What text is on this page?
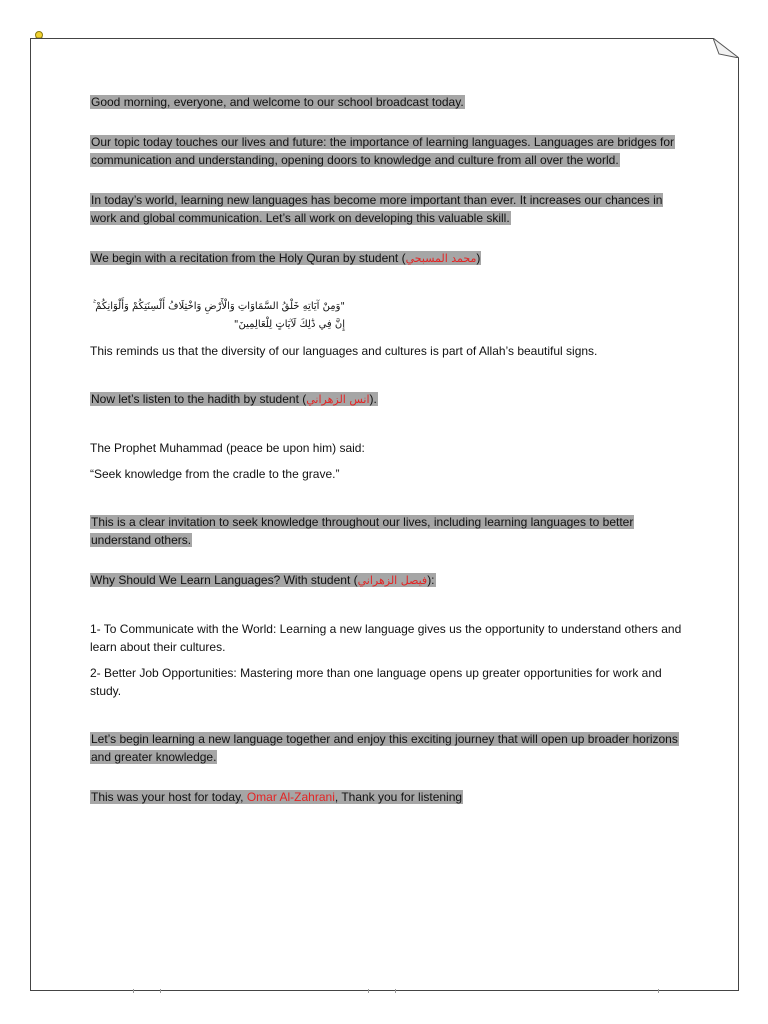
Good morning, everyone, and welcome to our school broadcast today.

Our topic today touches our lives and future: the importance of learning languages. Languages are bridges for communication and understanding, opening doors to knowledge and culture from all over the world.

In today’s world, learning new languages has become more important than ever. It increases our chances in work and global communication. Let’s all work on developing this valuable skill.

We begin with a recitation from the Holy Quran by student (محمد المسبحي)

"وَمِنْ آيَاتِهِ خَلْقُ السَّمَاوَاتِ وَالْأَرْضِ وَاخْتِلَافُ أَلْسِنَتِكُمْ وَأَلْوَانِكُمْ ۚ إِنَّ فِي ذَٰلِكَ لَآيَاتٍ لِلْعَالِمِينَ"

This reminds us that the diversity of our languages and cultures is part of Allah’s beautiful signs.

Now let’s listen to the hadith by student (انس الزهراني).

The Prophet Muhammad (peace be upon him) said:

“Seek knowledge from the cradle to the grave.”

This is a clear invitation to seek knowledge throughout our lives, including learning languages to better understand others.

Why Should We Learn Languages? With student (فيصل الزهراني):

1- To Communicate with the World: Learning a new language gives us the opportunity to understand others and learn about their cultures.

2- Better Job Opportunities: Mastering more than one language opens up greater opportunities for work and study.

Let’s begin learning a new language together and enjoy this exciting journey that will open up broader horizons and greater knowledge.

This was your host for today, Omar Al-Zahrani, Thank you for listening
